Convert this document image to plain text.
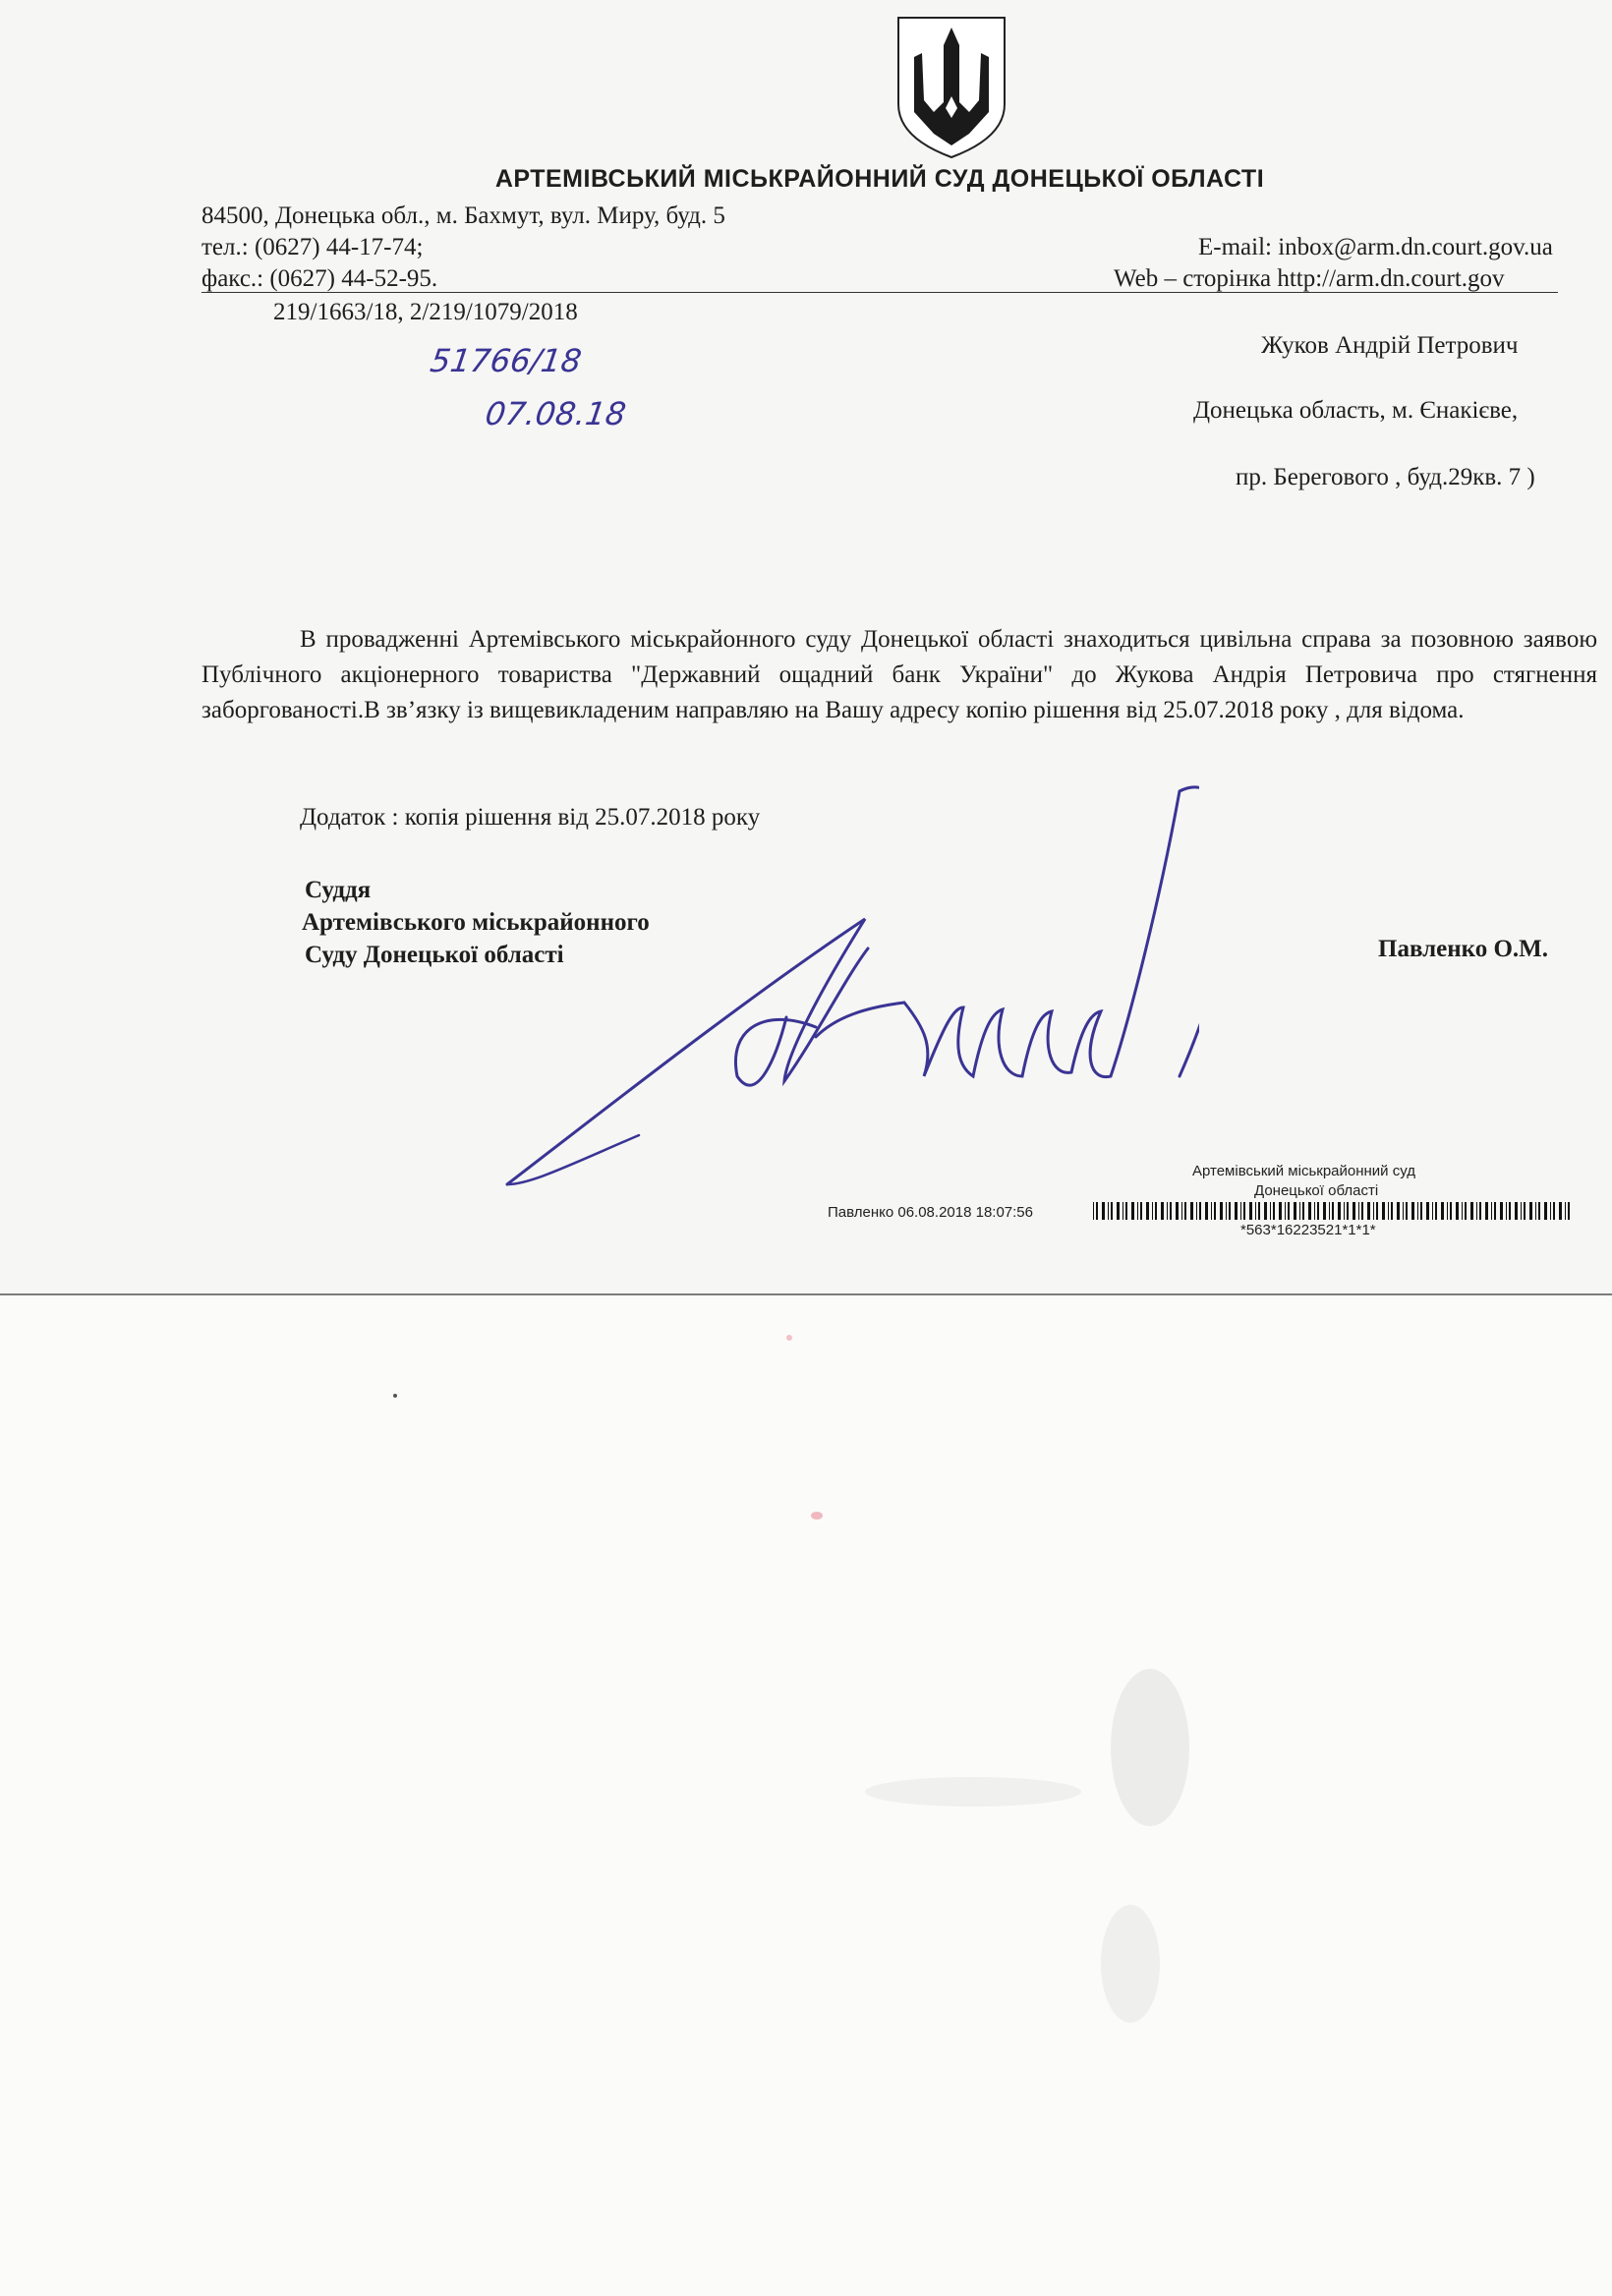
АРТЕМІВСЬКИЙ МІСЬКРАЙОННИЙ СУД ДОНЕЦЬКОЇ ОБЛАСТІ
84500, Донецька обл., м. Бахмут, вул. Миру, буд. 5
тел.: (0627) 44-17-74;	E-mail: inbox@arm.dn.court.gov.ua
факс.: (0627) 44-52-95.	Web – сторінка http://arm.dn.court.gov
219/1663/18, 2/219/1079/2018
51766/18
07.08.18
Жуков Андрій Петрович
Донецька область, м. Єнакієве,
пр. Берегового , буд.29кв. 7 )

В провадженні Артемівського міськрайонного суду Донецької області знаходиться цивільна справа за позовною заявою Публічного акціонерного товариства "Державний ощадний банк України" до Жукова Андрія Петровича про стягнення заборгованості.В зв’язку із вищевикладеним направляю на Вашу адресу копію рішення від 25.07.2018 року , для відома.

Додаток : копія рішення від 25.07.2018 року
Суддя
Артемівського міськрайонного
Суду Донецької області	Павленко О.М.
Артемівський міськрайонний суд
Донецької області
Павленко 06.08.2018 18:07:56
*563*16223521*1*1*
